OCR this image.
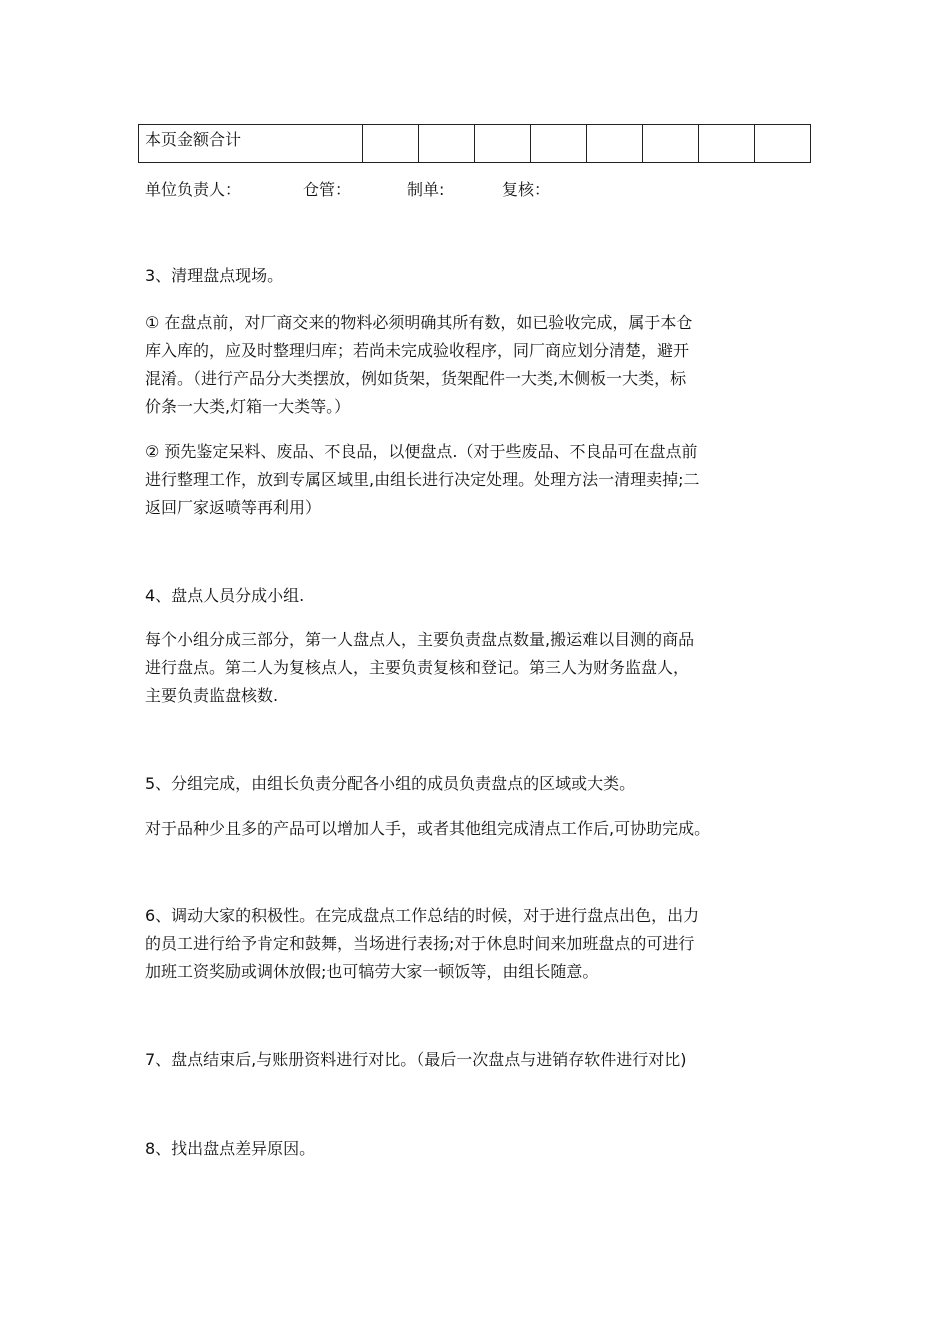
本页金额合计								
单位负责人：	仓管：	制单:	复核：

3、清理盘点现场。

① 在盘点前，对厂商交来的物料必须明确其所有数，如已验收完成，属于本仓
库入库的，应及时整理归库；若尚未完成验收程序，同厂商应划分清楚，避开
混淆。（进行产品分大类摆放，例如货架，货架配件一大类,木侧板一大类，标
价条一大类,灯箱一大类等。）
② 预先鉴定呆料、废品、不良品，以便盘点.（对于些废品、不良品可在盘点前
进行整理工作，放到专属区域里,由组长进行决定处理。处理方法一清理卖掉;二
返回厂家返喷等再利用）

4、盘点人员分成小组.

每个小组分成三部分，第一人盘点人，主要负责盘点数量,搬运难以目测的商品
进行盘点。第二人为复核点人，主要负责复核和登记。第三人为财务监盘人，
主要负责监盘核数.

5、分组完成，由组长负责分配各小组的成员负责盘点的区域或大类。

对于品种少且多的产品可以增加人手，或者其他组完成清点工作后,可协助完成。
6、调动大家的积极性。在完成盘点工作总结的时候，对于进行盘点出色，出力
的员工进行给予肯定和鼓舞，当场进行表扬;对于休息时间来加班盘点的可进行
加班工资奖励或调休放假;也可犒劳大家一顿饭等，由组长随意。

7、盘点结束后,与账册资料进行对比。（最后一次盘点与进销存软件进行对比)

8、找出盘点差异原因。
